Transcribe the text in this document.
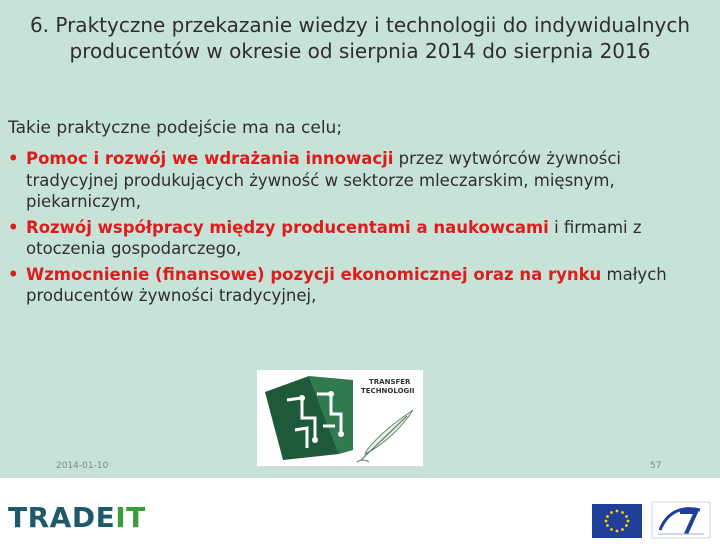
6. Praktyczne przekazanie wiedzy i technologii do indywidualnych producentów w okresie od sierpnia 2014 do sierpnia 2016
Takie praktyczne podejście ma na celu;
• Pomoc i rozwój we wdrażania innowacji przez wytwórców żywności tradycyjnej produkujących żywność w sektorze mleczarskim, mięsnym, piekarniczym,
• Rozwój współpracy między producentami a naukowcami i firmami z otoczenia gospodarczego,
• Wzmocnienie (finansowe) pozycji ekonomicznej oraz na rynku małych producentów żywności tradycyjnej,
TRANSFER
TECHNOLOGII
2014-01-10	57
TRADEIT
